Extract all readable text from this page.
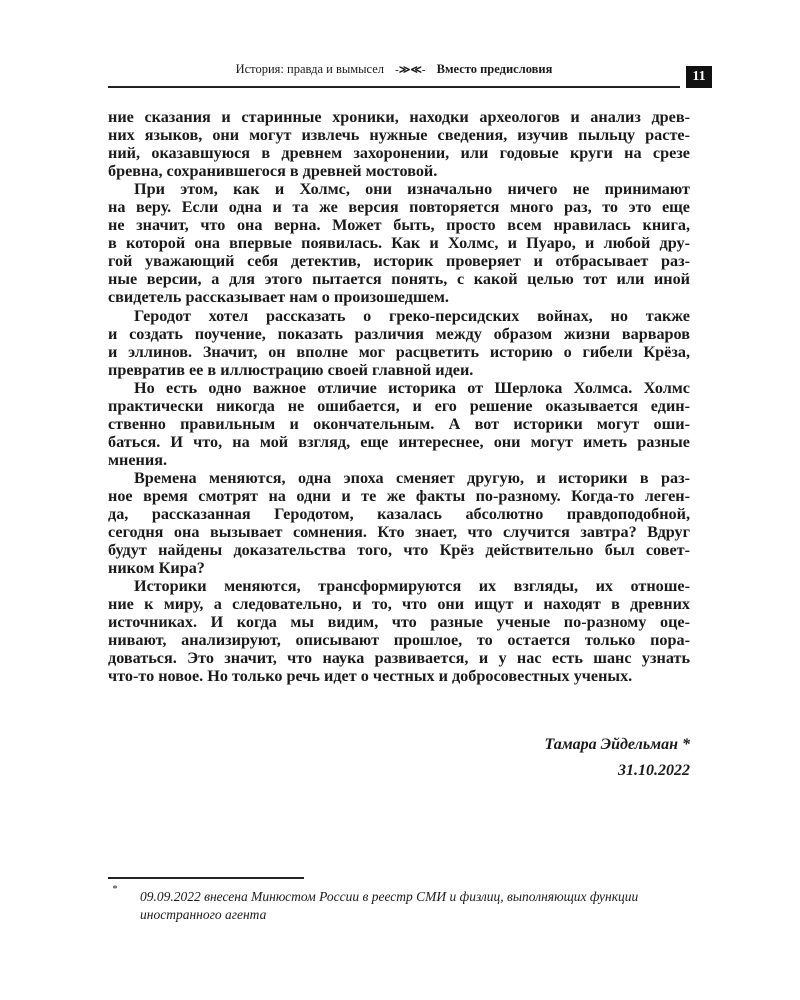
История: правда и вымысел -≫≪- Вместо предисловия	11
ние сказания и старинные хроники, находки археологов и анализ древ-
них языков, они могут извлечь нужные сведения, изучив пыльцу расте-
ний, оказавшуюся в древнем захоронении, или годовые круги на срезе
бревна, сохранившегося в древней мостовой.
При этом, как и Холмс, они изначально ничего не принимают
на веру. Если одна и та же версия повторяется много раз, то это еще
не значит, что она верна. Может быть, просто всем нравилась книга,
в которой она впервые появилась. Как и Холмс, и Пуаро, и любой дру-
гой уважающий себя детектив, историк проверяет и отбрасывает раз-
ные версии, а для этого пытается понять, с какой целью тот или иной
свидетель рассказывает нам о произошедшем.
Геродот хотел рассказать о греко-персидских войнах, но также
и создать поучение, показать различия между образом жизни варваров
и эллинов. Значит, он вполне мог расцветить историю о гибели Крёза,
превратив ее в иллюстрацию своей главной идеи.
Но есть одно важное отличие историка от Шерлока Холмса. Холмс
практически никогда не ошибается, и его решение оказывается един-
ственно правильным и окончательным. А вот историки могут оши-
баться. И что, на мой взгляд, еще интереснее, они могут иметь разные
мнения.
Времена меняются, одна эпоха сменяет другую, и историки в раз-
ное время смотрят на одни и те же факты по-разному. Когда-то леген-
да, рассказанная Геродотом, казалась абсолютно правдоподобной,
сегодня она вызывает сомнения. Кто знает, что случится завтра? Вдруг
будут найдены доказательства того, что Крёз действительно был совет-
ником Кира?
Историки меняются, трансформируются их взгляды, их отноше-
ние к миру, а следовательно, и то, что они ищут и находят в древних
источниках. И когда мы видим, что разные ученые по-разному оце-
нивают, анализируют, описывают прошлое, то остается только пора-
доваться. Это значит, что наука развивается, и у нас есть шанс узнать
что-то новое. Но только речь идет о честных и добросовестных ученых.
Тамара Эйдельман *
31.10.2022
* 09.09.2022 внесена Минюстом России в реестр СМИ и физлиц, выполняющих функции иностранного агента
